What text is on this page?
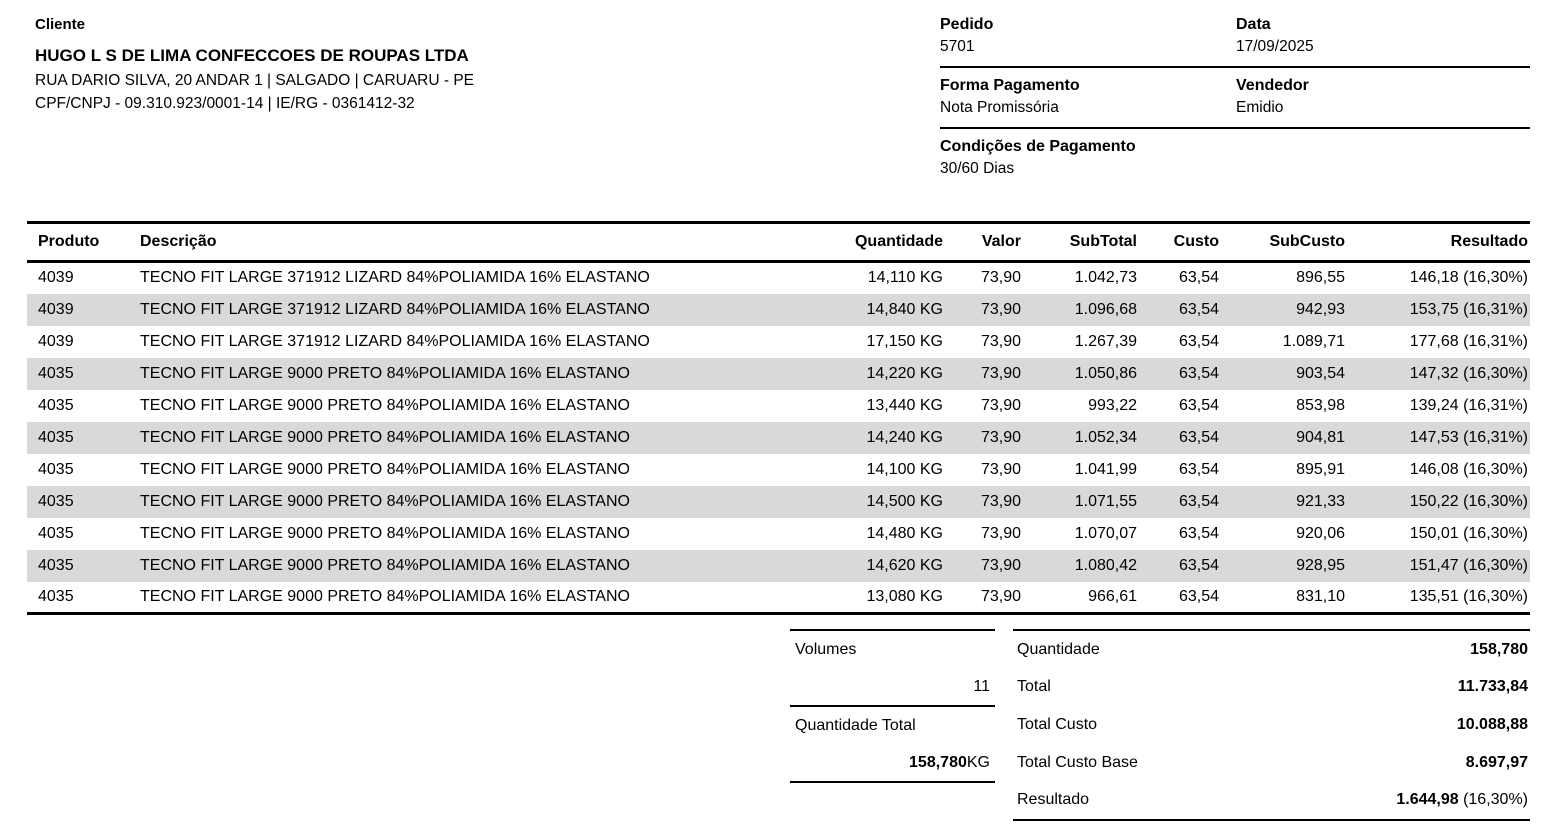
Cliente
HUGO L S DE LIMA CONFECCOES DE ROUPAS LTDA
RUA DARIO SILVA, 20 ANDAR 1 | SALGADO | CARUARU - PE
CPF/CNPJ - 09.310.923/0001-14 | IE/RG - 0361412-32
Pedido
5701
Data
17/09/2025
Forma Pagamento
Nota Promissória
Vendedor
Emidio
Condições de Pagamento
30/60 Dias
Produto	Descrição	Quantidade	Valor	SubTotal	Custo	SubCusto	Resultado
4039	TECNO FIT LARGE 371912 LIZARD 84%POLIAMIDA 16% ELASTANO	14,110 KG	73,90	1.042,73	63,54	896,55	146,18 (16,30%)
4039	TECNO FIT LARGE 371912 LIZARD 84%POLIAMIDA 16% ELASTANO	14,840 KG	73,90	1.096,68	63,54	942,93	153,75 (16,31%)
4039	TECNO FIT LARGE 371912 LIZARD 84%POLIAMIDA 16% ELASTANO	17,150 KG	73,90	1.267,39	63,54	1.089,71	177,68 (16,31%)
4035	TECNO FIT LARGE 9000 PRETO 84%POLIAMIDA 16% ELASTANO	14,220 KG	73,90	1.050,86	63,54	903,54	147,32 (16,30%)
4035	TECNO FIT LARGE 9000 PRETO 84%POLIAMIDA 16% ELASTANO	13,440 KG	73,90	993,22	63,54	853,98	139,24 (16,31%)
4035	TECNO FIT LARGE 9000 PRETO 84%POLIAMIDA 16% ELASTANO	14,240 KG	73,90	1.052,34	63,54	904,81	147,53 (16,31%)
4035	TECNO FIT LARGE 9000 PRETO 84%POLIAMIDA 16% ELASTANO	14,100 KG	73,90	1.041,99	63,54	895,91	146,08 (16,30%)
4035	TECNO FIT LARGE 9000 PRETO 84%POLIAMIDA 16% ELASTANO	14,500 KG	73,90	1.071,55	63,54	921,33	150,22 (16,30%)
4035	TECNO FIT LARGE 9000 PRETO 84%POLIAMIDA 16% ELASTANO	14,480 KG	73,90	1.070,07	63,54	920,06	150,01 (16,30%)
4035	TECNO FIT LARGE 9000 PRETO 84%POLIAMIDA 16% ELASTANO	14,620 KG	73,90	1.080,42	63,54	928,95	151,47 (16,30%)
4035	TECNO FIT LARGE 9000 PRETO 84%POLIAMIDA 16% ELASTANO	13,080 KG	73,90	966,61	63,54	831,10	135,51 (16,30%)
Volumes
11
Quantidade Total
158,780 KG
Quantidade	158,780
Total	11.733,84
Total Custo	10.088,88
Total Custo Base	8.697,97
Resultado	1.644,98 (16,30%)
